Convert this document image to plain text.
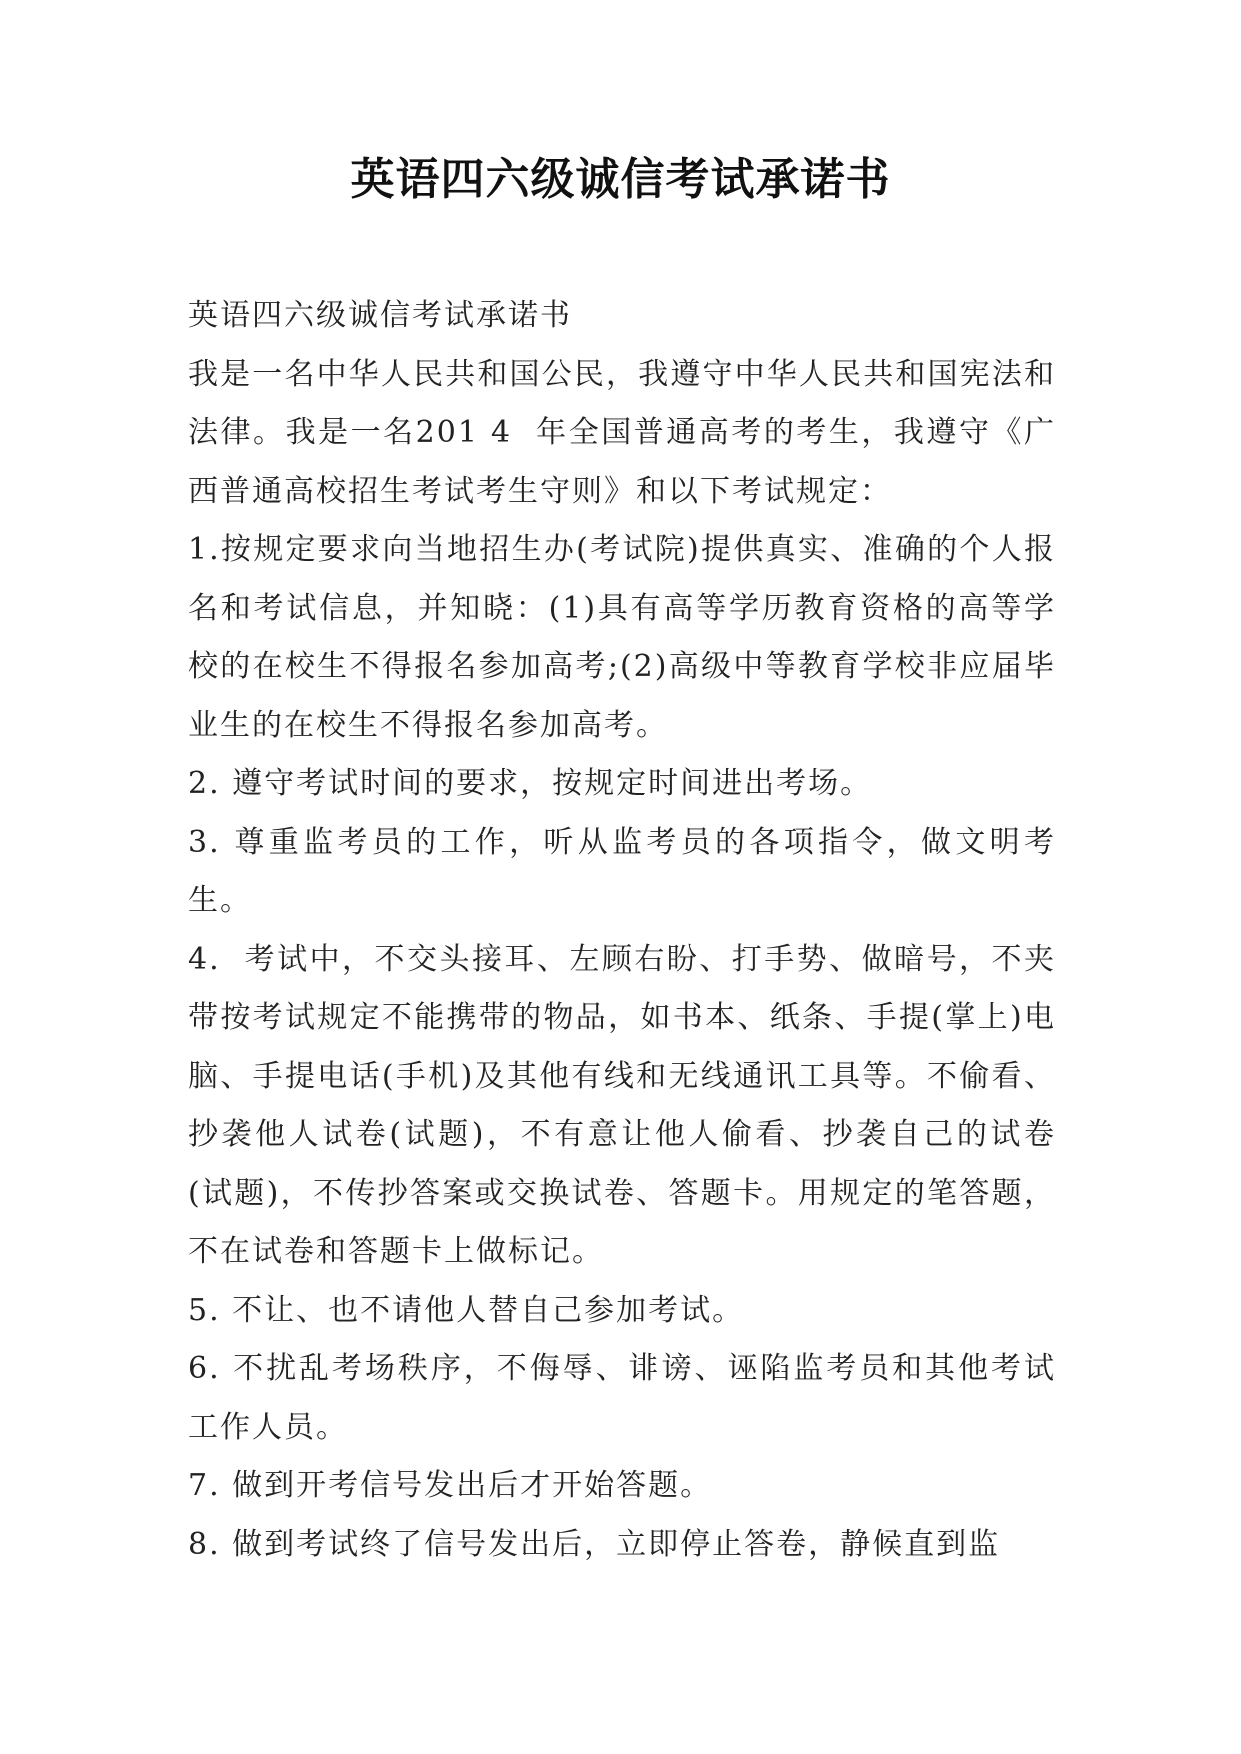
英语四六级诚信考试承诺书

英语四六级诚信考试承诺书

我是一名中华人民共和国公民，我遵守中华人民共和国宪法和法律。我是一名201 4  年全国普通高考的考生，我遵守《广西普通高校招生考试考生守则》和以下考试规定：

1.按规定要求向当地招生办(考试院)提供真实、准确的个人报名和考试信息，并知晓：(1)具有高等学历教育资格的高等学校的在校生不得报名参加高考;(2)高级中等教育学校非应届毕业生的在校生不得报名参加高考。

2. 遵守考试时间的要求，按规定时间进出考场。

3. 尊重监考员的工作，听从监考员的各项指令，做文明考生。

4.  考试中，不交头接耳、左顾右盼、打手势、做暗号，不夹带按考试规定不能携带的物品，如书本、纸条、手提(掌上)电脑、手提电话(手机)及其他有线和无线通讯工具等。不偷看、抄袭他人试卷(试题)，不有意让他人偷看、抄袭自己的试卷(试题)，不传抄答案或交换试卷、答题卡。用规定的笔答题，不在试卷和答题卡上做标记。

5. 不让、也不请他人替自己参加考试。

6. 不扰乱考场秩序，不侮辱、诽谤、诬陷监考员和其他考试工作人员。

7. 做到开考信号发出后才开始答题。

8. 做到考试终了信号发出后，立即停止答卷，静候直到监
